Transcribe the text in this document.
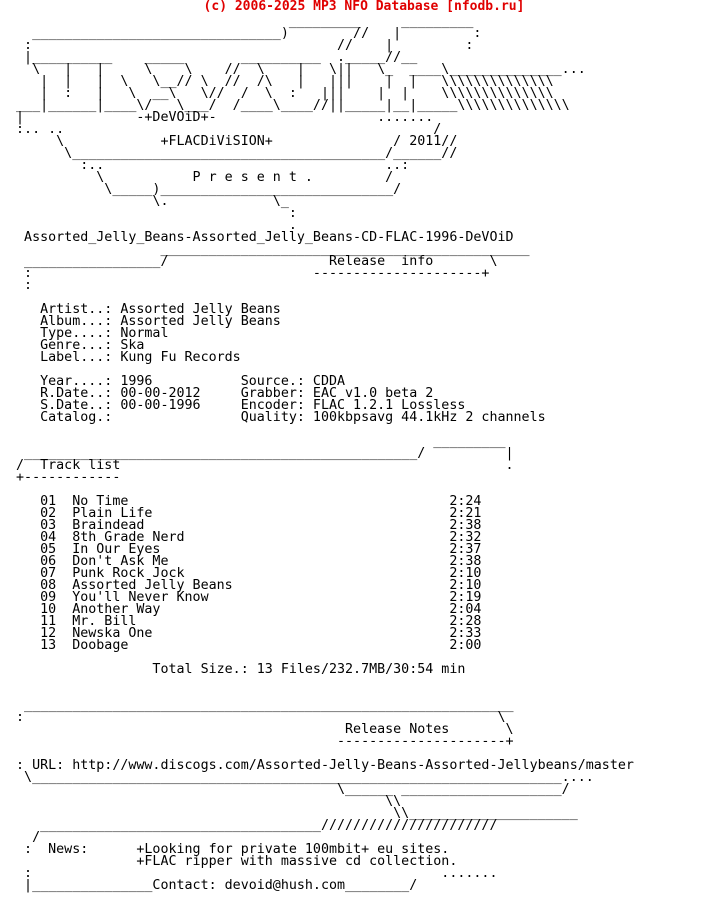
(c) 2006-2025 MP3 NFO Database [nfodb.ru]
_________     _________
_______________________________)        //   |         :
:                                      //    |         :
|__________    _____       __________  ._____//__
\   |   |     \    \    //  \    |   \||   \_  ____\______________...
|  |   |  \   \__// \  //  /\   |   |||    |  |   \\\\\\\\\\\\\\
|  :   |   \  __\   \//  /  \  :   |||    |  |    \\\\\\\\\\\\\\
___|______|____\/   \___/  /____\____//||_____|__|_____\\\\\\\\\\\\\\
|              -+DeVOiD+-                    .......
:.. ..                                              /
\            +FLACDiViSION+               / 2011//
\_______________________________________/______//
:..                                   ..:
\           P r e s e n t .         /
\_____)_____________________________/
\.             \_
:
.
Assorted_Jelly_Beans-Assorted_Jelly_Beans-CD-FLAC-1996-DeVOiD
______________________________________________
_________________/                    Release  info       \
:                                   ---------------------+
:

Artist..: Assorted Jelly Beans
Album...: Assorted Jelly Beans
Type....: Normal
Genre...: Ska
Label...: Kung Fu Records

Year....: 1996           Source.: CDDA
R.Date..: 00-00-2012     Grabber: EAC v1.0 beta 2
S.Date..: 00-00-1996     Encoder: FLAC 1.2.1 Lossless
Catalog.:                Quality: 100kbpsavg 44.1kHz 2 channels

_________
_________________________________________________/          |
/  Track list                                                .
+------------

01  No Time                                        2:24
02  Plain Life                                     2:21
03  Braindead                                      2:38
04  8th Grade Nerd                                 2:32
05  In Our Eyes                                    2:37
06  Don't Ask Me                                   2:38
07  Punk Rock Jock                                 2:10
08  Assorted Jelly Beans                           2:10
09  You'll Never Know                              2:19
10  Another Way                                    2:04
11  Mr. Bill                                       2:28
12  Newska One                                     2:33
13  Doobage                                        2:00

Total Size.: 13 Files/232.7MB/30:54 min

_____________________________________________________________
:                                                           \
Release Notes       \
---------------------+

: URL: http://www.discogs.com/Assorted-Jelly-Beans-Assorted-Jellybeans/master
\__________________________________________________________________....
\______ ____________________/
\\
\\_____________________
___________________________________//////////////////////
/
:  News:      +Looking for private 100mbit+ eu sites.
+FLAC ripper with massive cd collection.
:                                                   .......
|_______________Contact: devoid@hush.com________/
